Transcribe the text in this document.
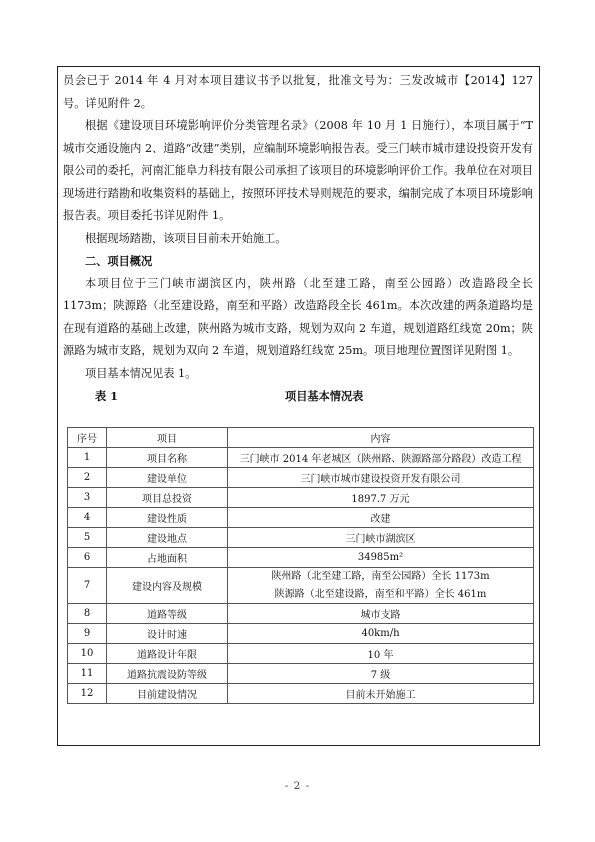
员会已于 2014 年 4 月对本项目建议书予以批复，批准文号为：三发改城市【2014】127 号。详见附件 2。

根据《建设项目环境影响评价分类管理名录》（2008 年 10 月 1 日施行），本项目属于“T 城市交通设施内 2、道路“改建”类别，应编制环境影响报告表。受三门峡市城市建设投资开发有限公司的委托，河南汇能阜力科技有限公司承担了该项目的环境影响评价工作。我单位在对项目现场进行踏勘和收集资料的基础上，按照环评技术导则规范的要求，编制完成了本项目环境影响报告表。项目委托书详见附件 1。

根据现场踏勘，该项目目前未开始施工。

二、项目概况

本项目位于三门峡市湖滨区内，陕州路（北至建工路，南至公园路）改造路段全长 1173m；陕源路（北至建设路，南至和平路）改造路段全长 461m。本次改建的两条道路均是在现有道路的基础上改建，陕州路为城市支路，规划为双向 2 车道，规划道路红线宽 20m；陕源路为城市支路，规划为双向 2 车道，规划道路红线宽 25m。项目地理位置图详见附图 1。

项目基本情况见表 1。

表 1	项目基本情况表
序号	项目	内容
1	项目名称	三门峡市 2014 年老城区（陕州路、陕源路部分路段）改造工程
2	建设单位	三门峡市城市建设投资开发有限公司
3	项目总投资	1897.7 万元
4	建设性质	改建
5	建设地点	三门峡市湖滨区
6	占地面积	34985m²
7	建设内容及规模	陕州路（北至建工路，南至公园路）全长 1173m
陕源路（北至建设路，南至和平路）全长 461m

8	道路等级	城市支路
9	设计时速	40km/h
10	道路设计年限	10 年
11	道路抗震设防等级	7 级
12	目前建设情况	目前未开始施工
- 2 -
